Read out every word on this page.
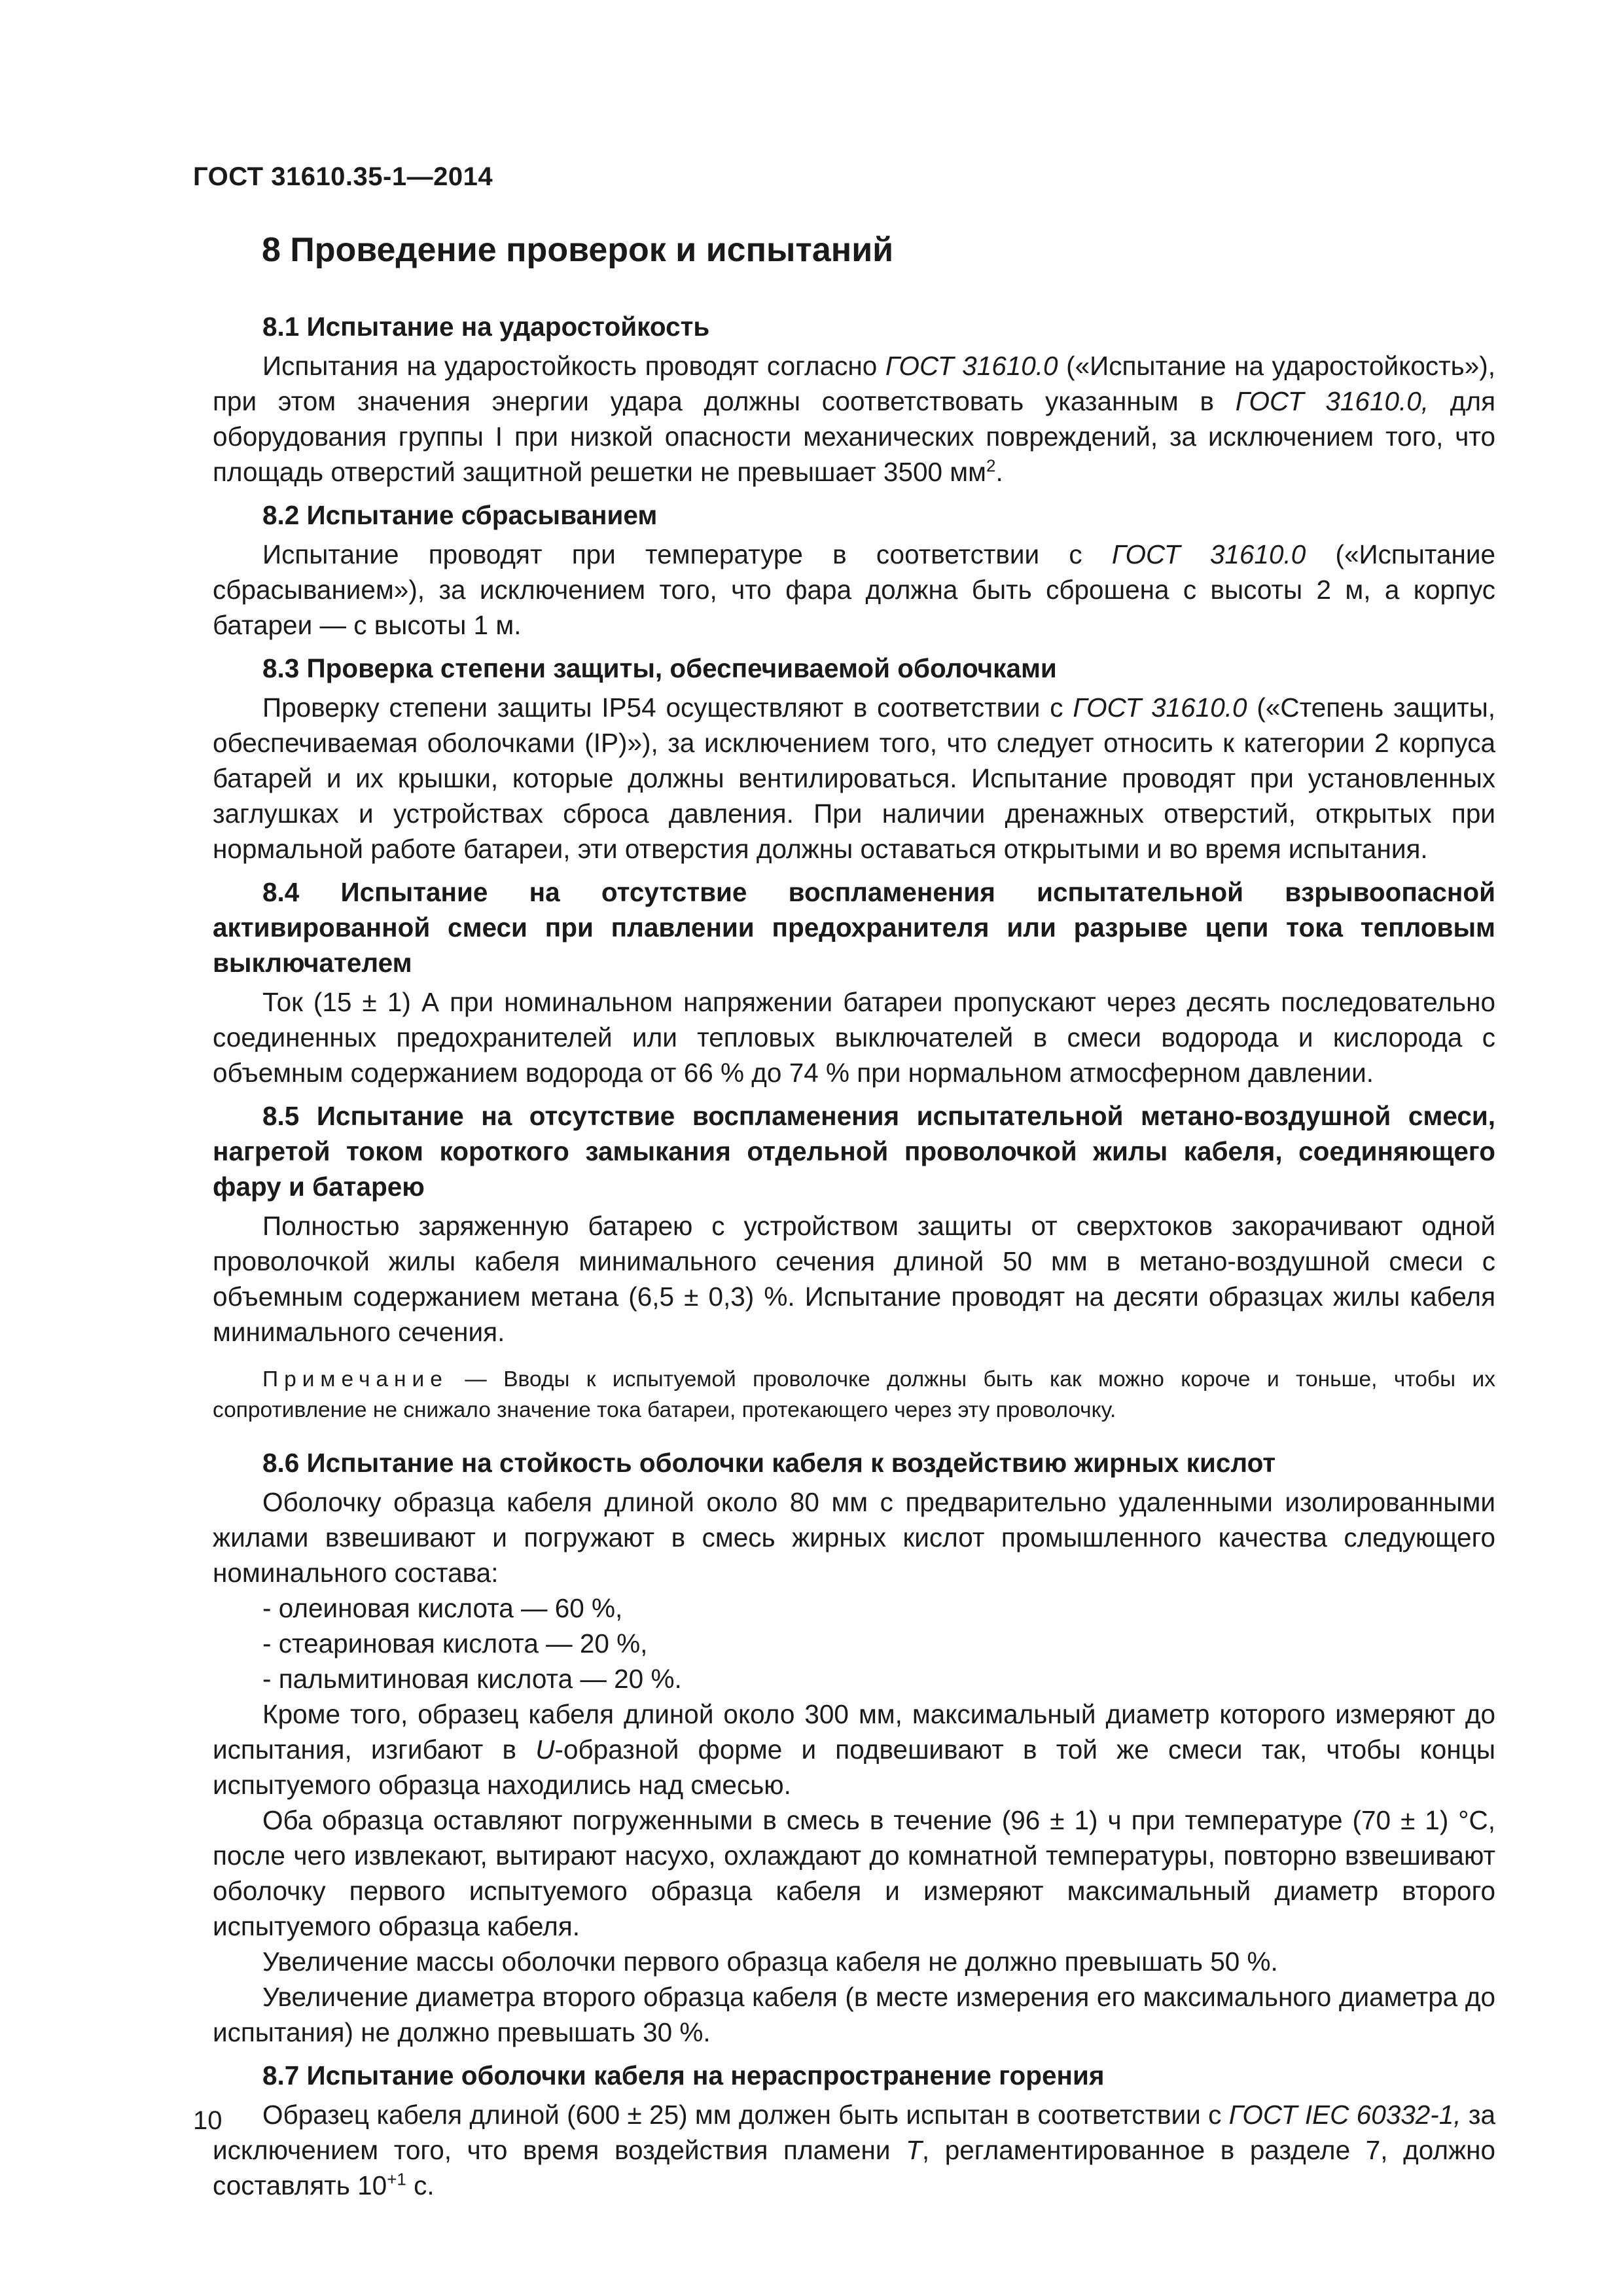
ГОСТ 31610.35-1—2014
8 Проведение проверок и испытаний
8.1 Испытание на ударостойкость

Испытания на ударостойкость проводят согласно ГОСТ 31610.0 («Испытание на ударостойкость»), при этом значения энергии удара должны соответствовать указанным в ГОСТ 31610.0, для оборудования группы I при низкой опасности механических повреждений, за исключением того, что площадь отверстий защитной решетки не превышает 3500 $мм^2$.

8.2 Испытание сбрасыванием

Испытание проводят при температуре в соответствии с ГОСТ 31610.0 («Испытание сбрасыванием»), за исключением того, что фара должна быть сброшена с высоты 2 м, а корпус батареи — с высоты 1 м.

8.3 Проверка степени защиты, обеспечиваемой оболочками

Проверку степени защиты IP54 осуществляют в соответствии с ГОСТ 31610.0 («Степень защиты, обеспечиваемая оболочками (IP)»), за исключением того, что следует относить к категории 2 корпуса батарей и их крышки, которые должны вентилироваться. Испытание проводят при установленных заглушках и устройствах сброса давления. При наличии дренажных отверстий, открытых при нормальной работе батареи, эти отверстия должны оставаться открытыми и во время испытания.

8.4 Испытание на отсутствие воспламенения испытательной взрывоопасной активированной смеси при плавлении предохранителя или разрыве цепи тока тепловым выключателем

Ток (15 ± 1) А при номинальном напряжении батареи пропускают через десять последовательно соединенных предохранителей или тепловых выключателей в смеси водорода и кислорода с объемным содержанием водорода от 66 % до 74 % при нормальном атмосферном давлении.

8.5 Испытание на отсутствие воспламенения испытательной метано-воздушной смеси, нагретой током короткого замыкания отдельной проволочкой жилы кабеля, соединяющего фару и батарею

Полностью заряженную батарею с устройством защиты от сверхтоков закорачивают одной проволочкой жилы кабеля минимального сечения длиной 50 мм в метано-воздушной смеси с объемным содержанием метана (6,5 ± 0,3) %. Испытание проводят на десяти образцах жилы кабеля минимального сечения.

Примечание — Вводы к испытуемой проволочке должны быть как можно короче и тоньше, чтобы их сопротивление не снижало значение тока батареи, протекающего через эту проволочку.

8.6 Испытание на стойкость оболочки кабеля к воздействию жирных кислот

Оболочку образца кабеля длиной около 80 мм с предварительно удаленными изолированными жилами взвешивают и погружают в смесь жирных кислот промышленного качества следующего номинального состава:

- олеиновая кислота — 60 %,

- стеариновая кислота — 20 %,

- пальмитиновая кислота — 20 %.

Кроме того, образец кабеля длиной около 300 мм, максимальный диаметр которого измеряют до испытания, изгибают в U-образной форме и подвешивают в той же смеси так, чтобы концы испытуемого образца находились над смесью.

Оба образца оставляют погруженными в смесь в течение (96 ± 1) ч при температуре (70 ± 1) °С, после чего извлекают, вытирают насухо, охлаждают до комнатной температуры, повторно взвешивают оболочку первого испытуемого образца кабеля и измеряют максимальный диаметр второго испытуемого образца кабеля.

Увеличение массы оболочки первого образца кабеля не должно превышать 50 %.

Увеличение диаметра второго образца кабеля (в месте измерения его максимального диаметра до испытания) не должно превышать 30 %.

8.7 Испытание оболочки кабеля на нераспространение горения

Образец кабеля длиной (600 ± 25) мм должен быть испытан в соответствии с ГОСТ IEC 60332-1, за исключением того, что время воздействия пламени Т, регламентированное в разделе 7, должно составлять $10^{+1}$ с.

10
